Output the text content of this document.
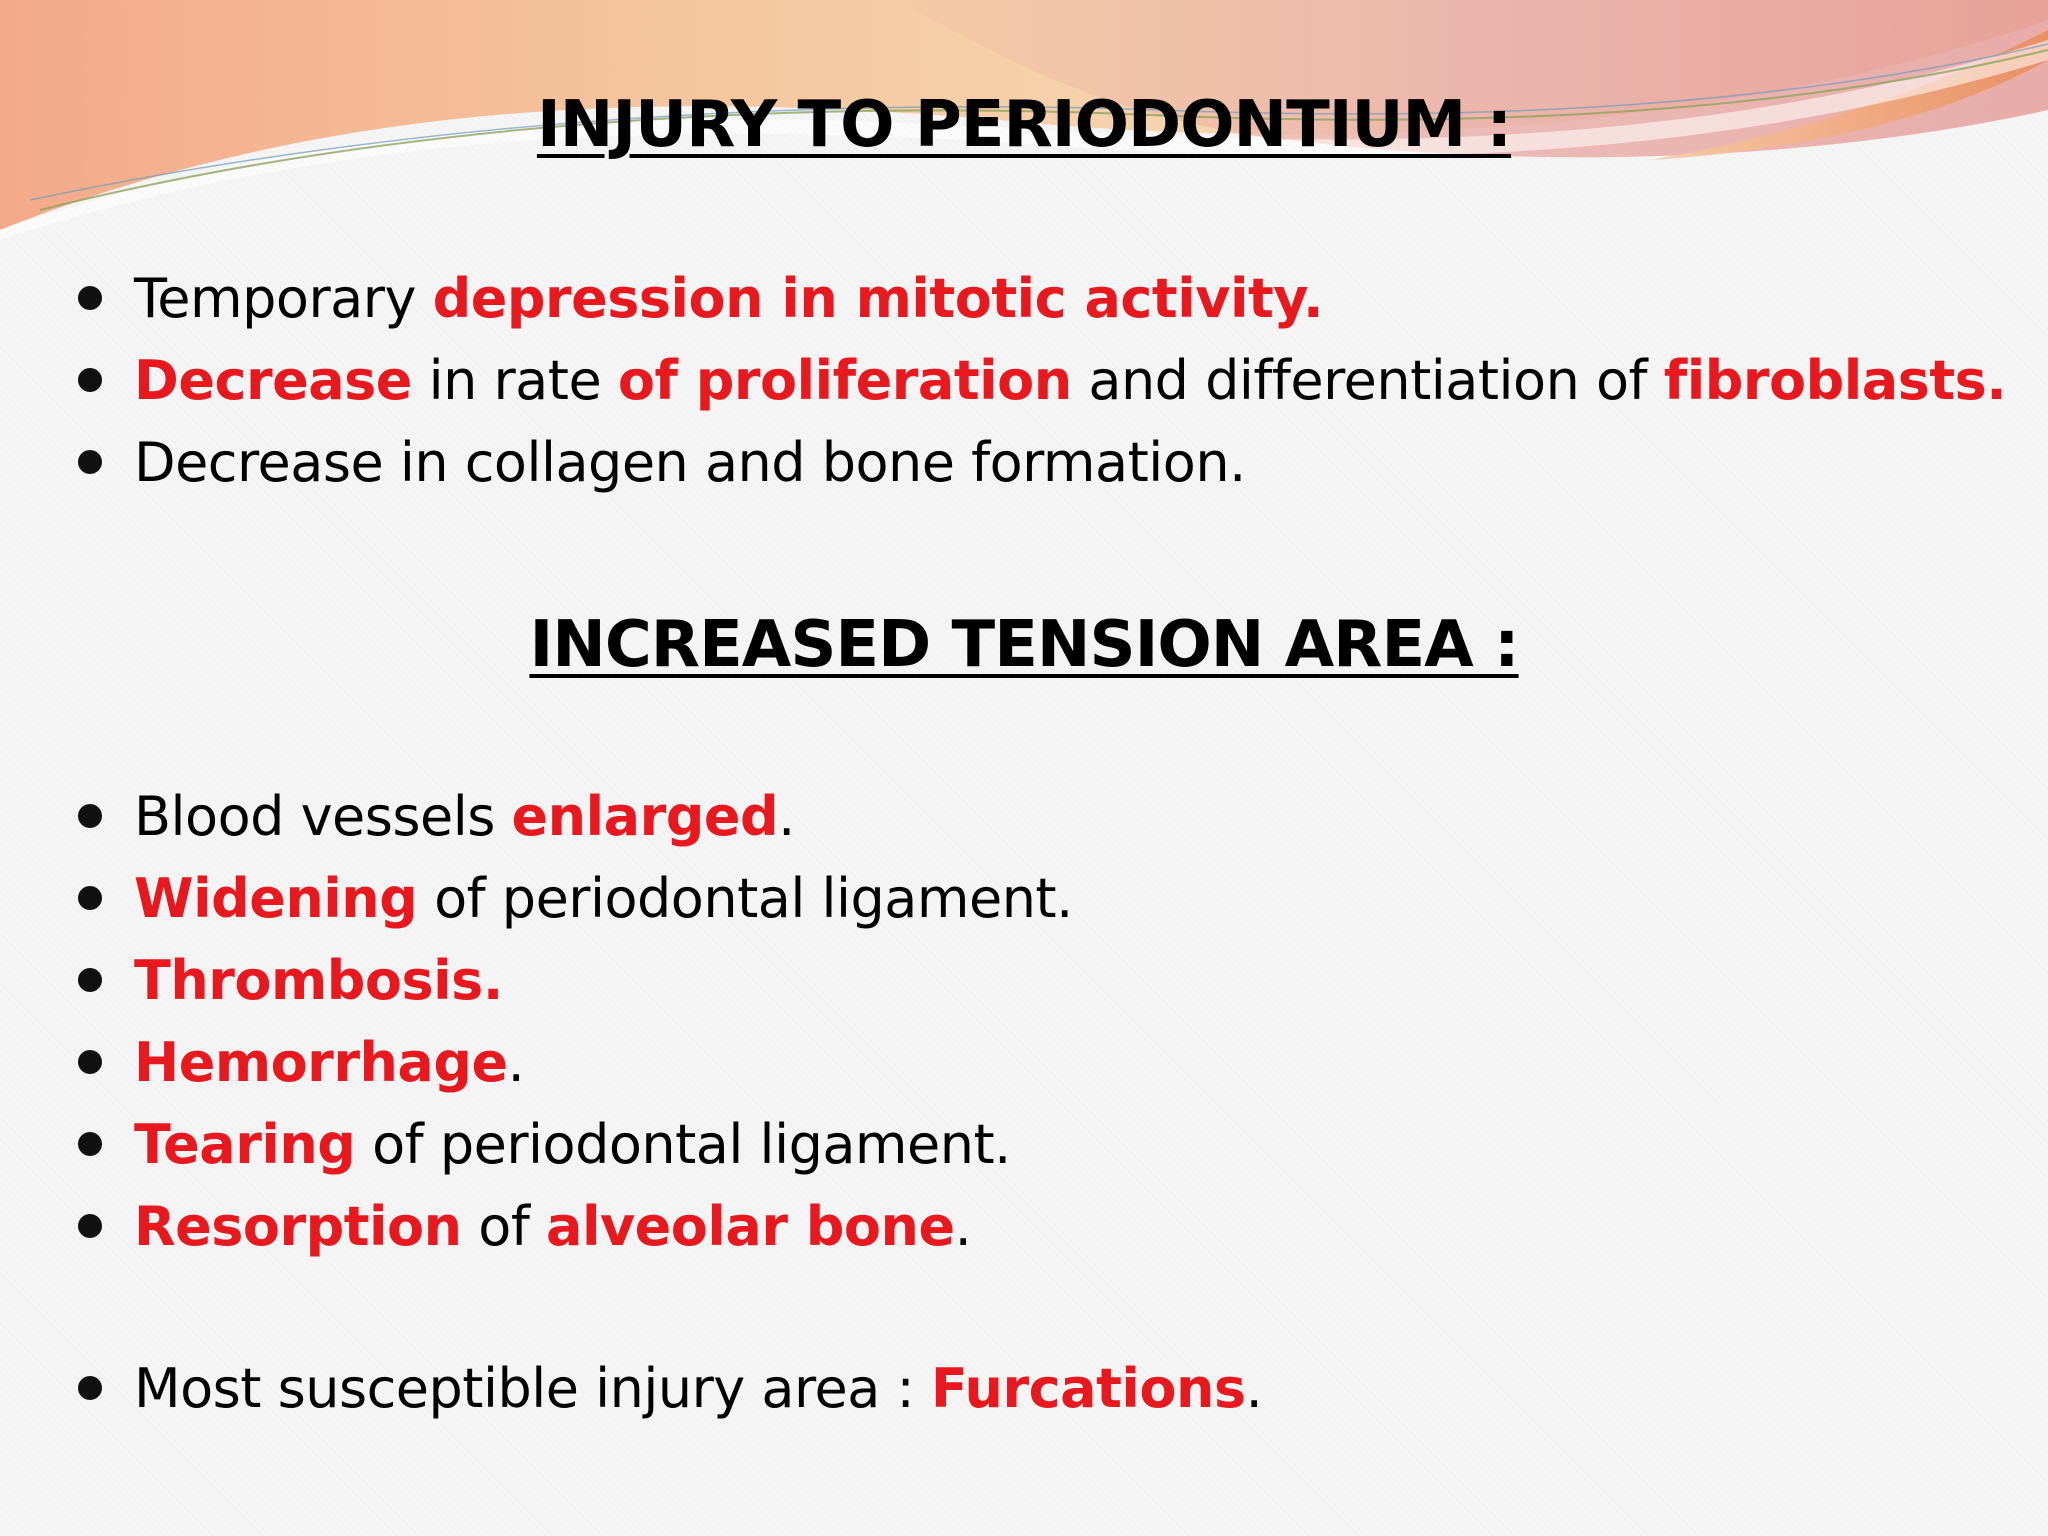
INJURY TO PERIODONTIUM :
Temporary depression in mitotic activity.
Decrease in rate of proliferation and differentiation of fibroblasts.
Decrease in collagen and bone formation.
INCREASED TENSION AREA :
Blood vessels enlarged.
Widening of periodontal ligament.
Thrombosis.
Hemorrhage.
Tearing of periodontal ligament.
Resorption of alveolar bone.
Most susceptible injury area : Furcations.
